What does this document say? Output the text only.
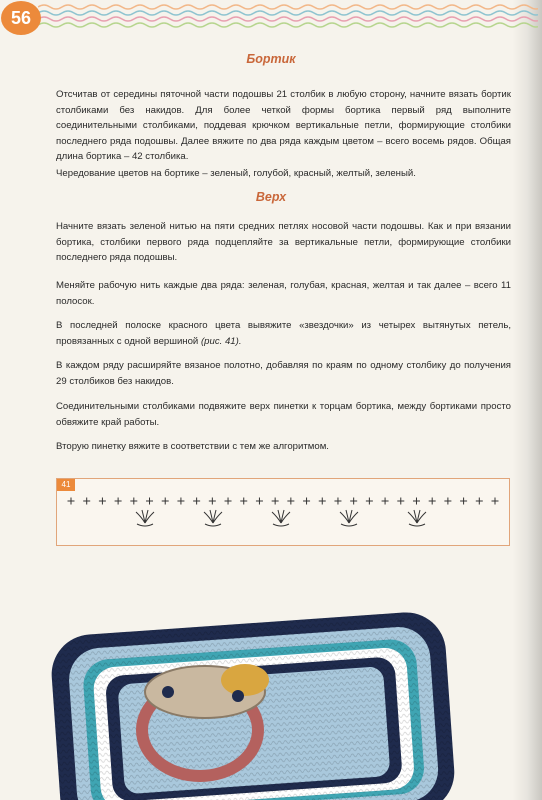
56
Бортик

Отсчитав от середины пяточной части подошвы 21 столбик в любую сторону, начните вязать бортик столбиками без накидов. Для более четкой формы бортика первый ряд выполните соединительными столбиками, поддевая крючком вертикальные петли, формирующие столбики последнего ряда подошвы. Далее вяжите по два ряда каждым цветом – всего восемь рядов. Общая длина бортика – 42 столбика.

Чередование цветов на бортике – зеленый, голубой, красный, желтый, зеленый.

Верх

Начните вязать зеленой нитью на пяти средних петлях носовой части подошвы. Как и при вязании бортика, столбики первого ряда подцепляйте за вертикальные петли, формирующие столбики последнего ряда подошвы.

Меняйте рабочую нить каждые два ряда: зеленая, голубая, красная, желтая и так далее – всего 11 полосок.

В последней полоске красного цвета вывяжите «звездочки» из четырех вытянутых петель, провязанных с одной вершиной (рис. 41).

В каждом ряду расширяйте вязаное полотно, добавляя по краям по одному столбику до получения 29 столбиков без накидов.

Соединительными столбиками подвяжите верх пинетки к торцам бортика, между бортиками просто обвяжите край работы.

Вторую пинетку вяжите в соответствии с тем же алгоритмом.

41
